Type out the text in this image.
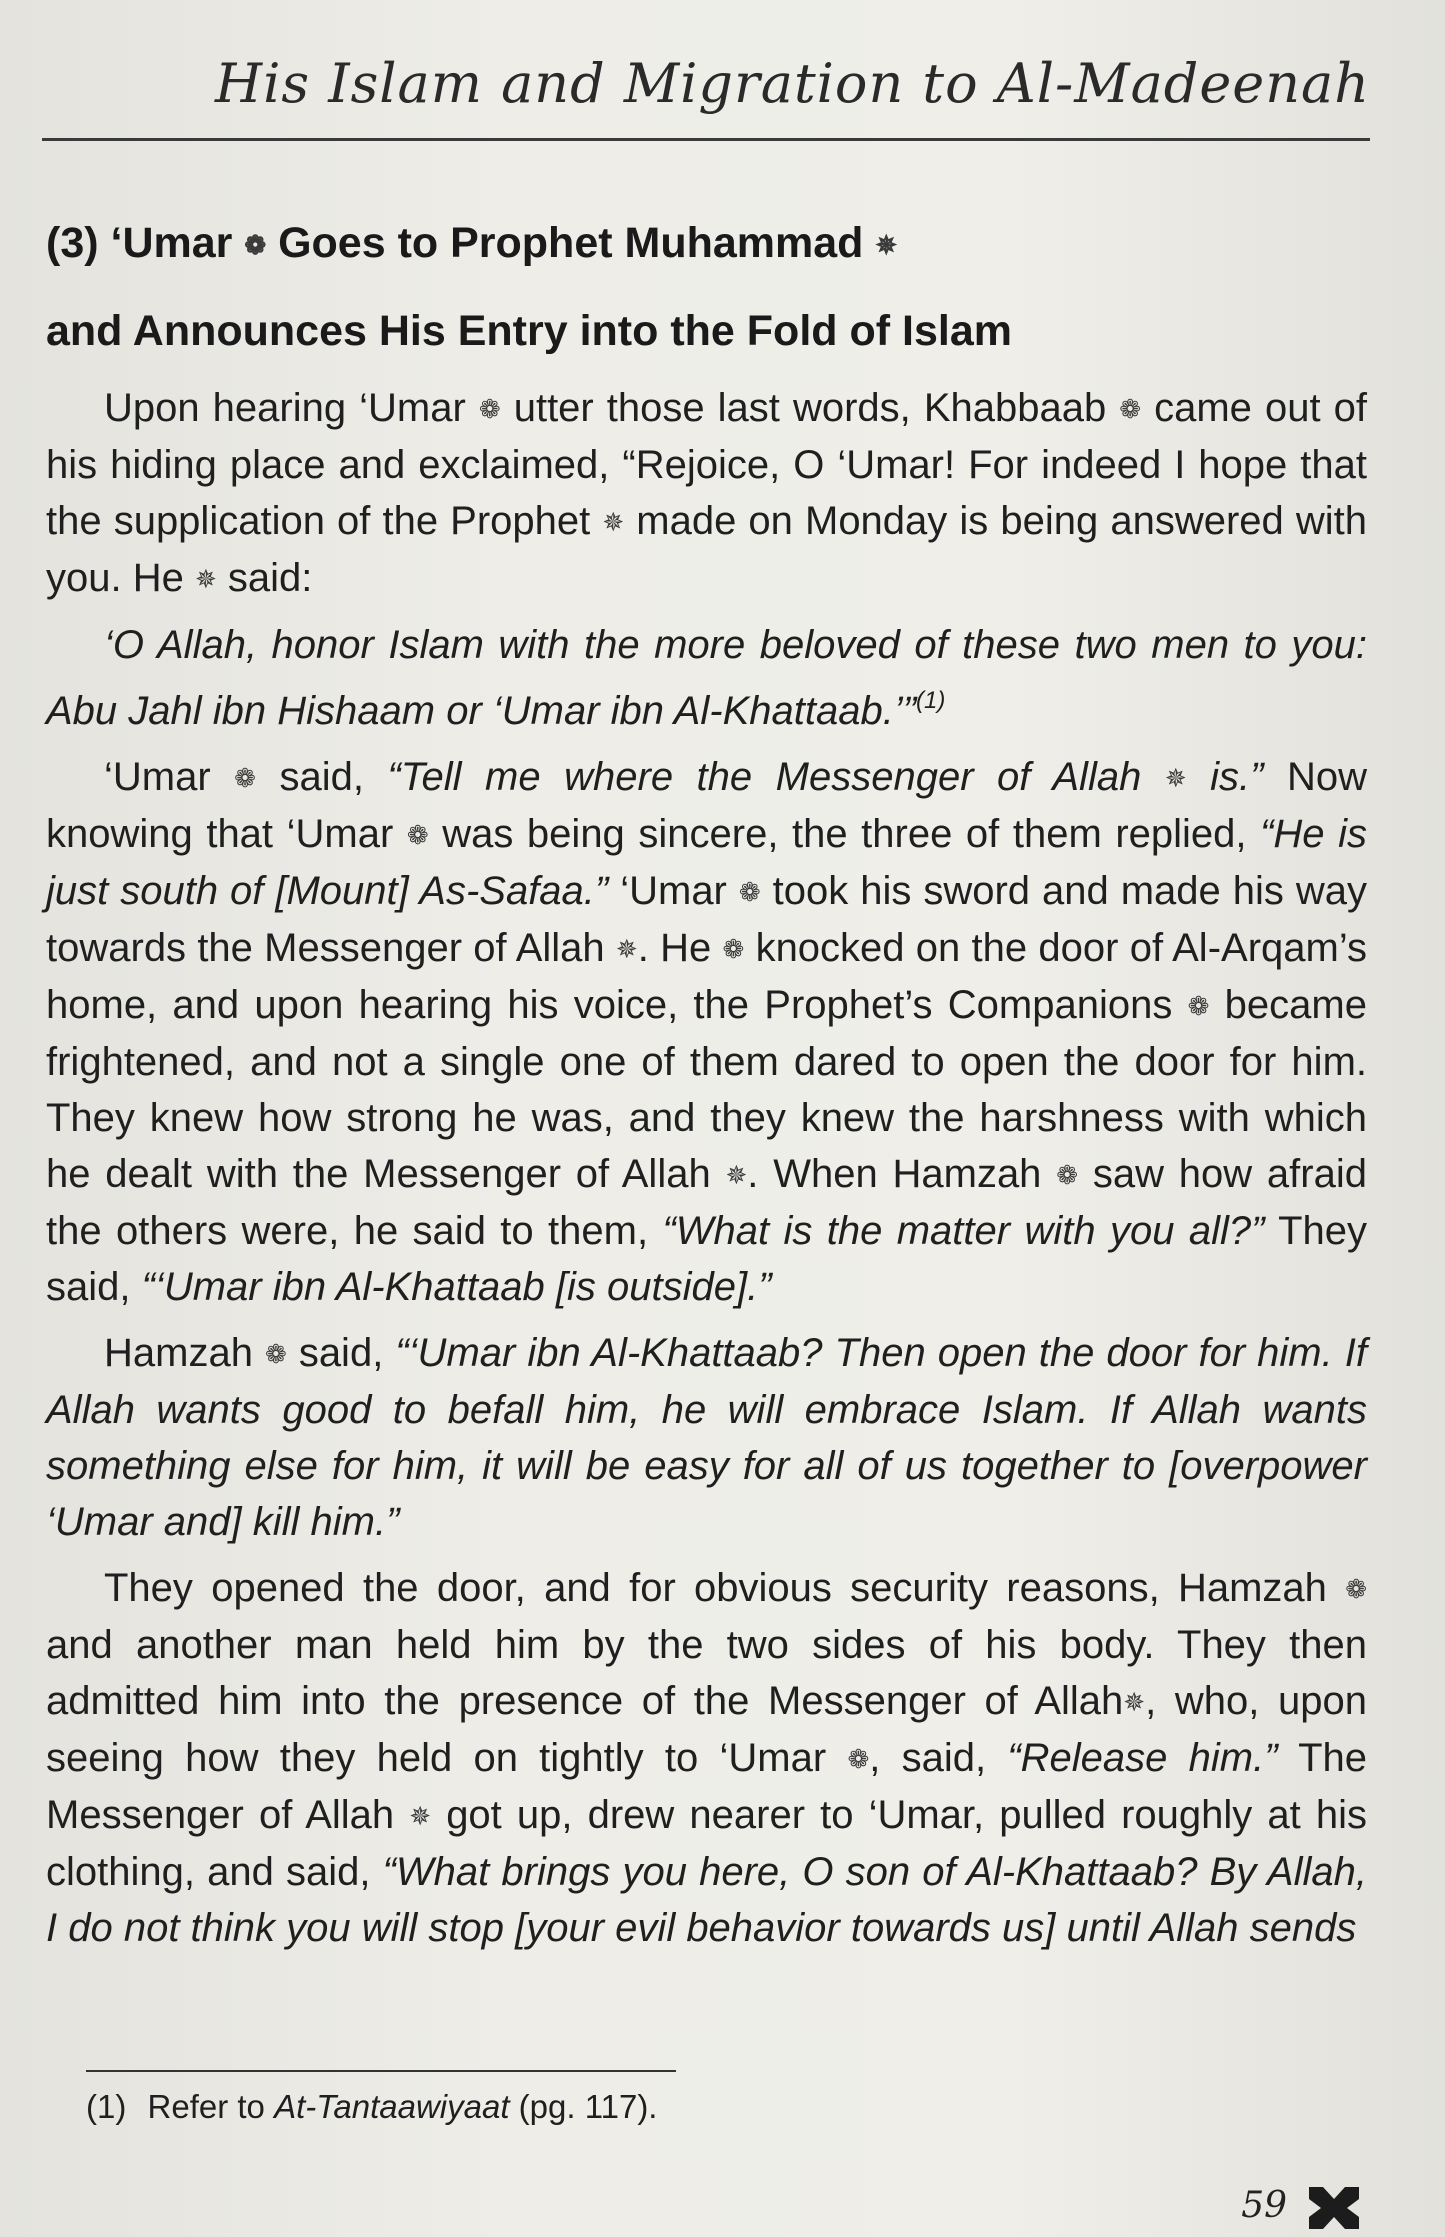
His Islam and Migration to Al-Madeenah
(3) ‘Umar ❁ Goes to Prophet Muhammad ✵
and Announces His Entry into the Fold of Islam

Upon hearing ‘Umar ❁ utter those last words, Khabbaab ❁ came out of his hiding place and exclaimed, “Rejoice, O ‘Umar! For indeed I hope that the supplication of the Prophet ✵ made on Monday is being answered with you. He ✵ said:

‘O Allah, honor Islam with the more beloved of these two men to you: Abu Jahl ibn Hishaam or ‘Umar ibn Al-Khattaab.’”$^{(1)}$

‘Umar ❁ said, “Tell me where the Messenger of Allah ✵ is.” Now knowing that ‘Umar ❁ was being sincere, the three of them replied, “He is just south of [Mount] As-Safaa.” ‘Umar ❁ took his sword and made his way towards the Messenger of Allah ✵. He ❁ knocked on the door of Al-Arqam’s home, and upon hearing his voice, the Prophet’s Companions ❁ became frightened, and not a single one of them dared to open the door for him. They knew how strong he was, and they knew the harshness with which he dealt with the Messenger of Allah ✵. When Hamzah ❁ saw how afraid the others were, he said to them, “What is the matter with you all?” They said, “‘Umar ibn Al-Khattaab [is outside].”

Hamzah ❁ said, “‘Umar ibn Al-Khattaab? Then open the door for him. If Allah wants good to befall him, he will embrace Islam. If Allah wants something else for him, it will be easy for all of us together to [overpower ‘Umar and] kill him.”

They opened the door, and for obvious security reasons, Hamzah ❁ and another man held him by the two sides of his body. They then admitted him into the presence of the Messenger of Allah✵, who, upon seeing how they held on tightly to ‘Umar ❁, said, “Release him.” The Messenger of Allah ✵ got up, drew nearer to ‘Umar, pulled roughly at his clothing, and said, “What brings you here, O son of Al-Khattaab? By Allah, I do not think you will stop [your evil behavior towards us] until Allah sends

(1) Refer to At-Tantaawiyaat (pg. 117).
59
